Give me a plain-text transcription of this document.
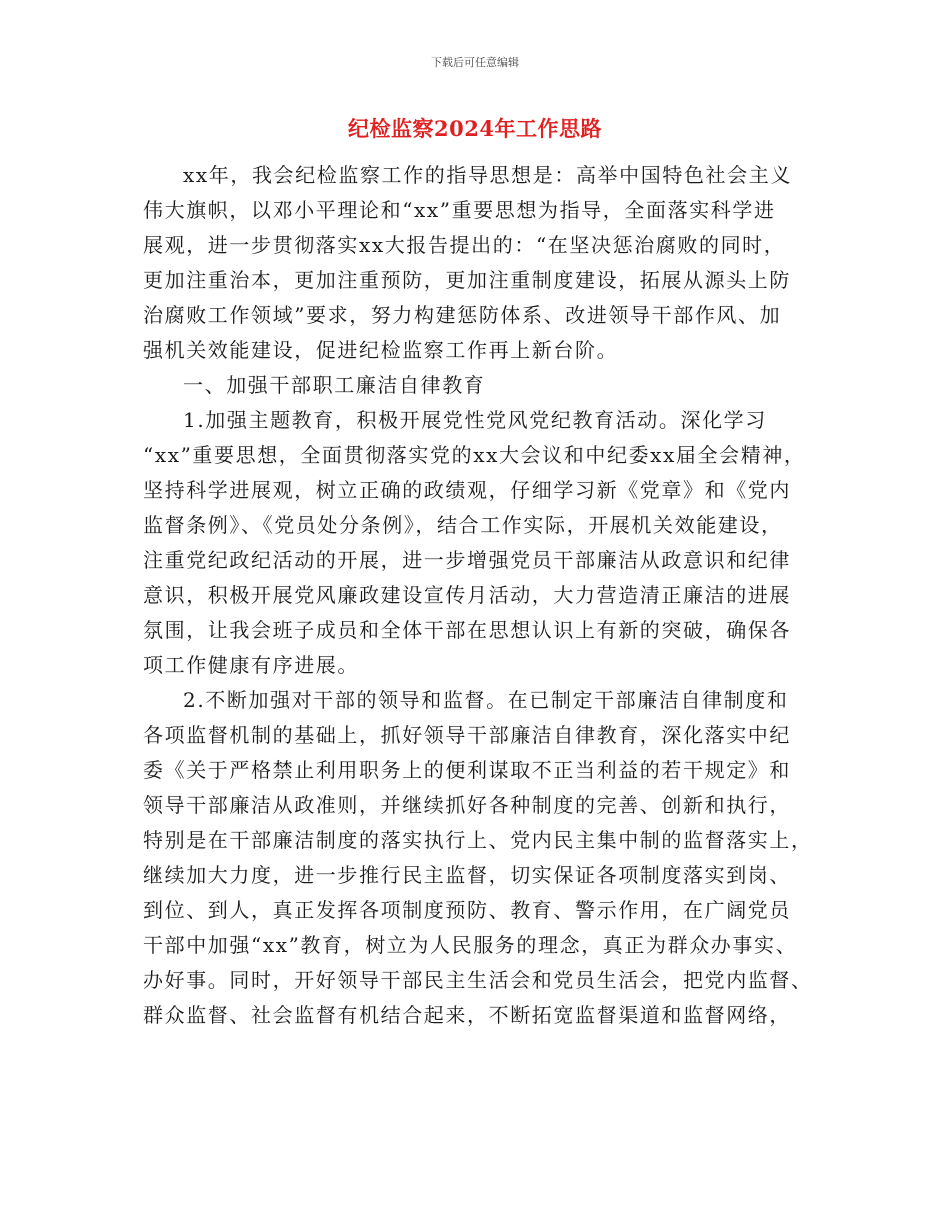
下载后可任意编辑
纪检监察2024年工作思路
xx年，我会纪检监察工作的指导思想是：高举中国特色社会主义
伟大旗帜，以邓小平理论和“xx”重要思想为指导，全面落实科学进
展观，进一步贯彻落实xx大报告提出的：“在坚决惩治腐败的同时，
更加注重治本，更加注重预防，更加注重制度建设，拓展从源头上防
治腐败工作领域”要求，努力构建惩防体系、改进领导干部作风、加
强机关效能建设，促进纪检监察工作再上新台阶。
一、加强干部职工廉洁自律教育
1.加强主题教育，积极开展党性党风党纪教育活动。深化学习
“xx”重要思想，全面贯彻落实党的xx大会议和中纪委xx届全会精神，
坚持科学进展观，树立正确的政绩观，仔细学习新《党章》和《党内
监督条例》、《党员处分条例》，结合工作实际，开展机关效能建设，
注重党纪政纪活动的开展，进一步增强党员干部廉洁从政意识和纪律
意识，积极开展党风廉政建设宣传月活动，大力营造清正廉洁的进展
氛围，让我会班子成员和全体干部在思想认识上有新的突破，确保各
项工作健康有序进展。
2.不断加强对干部的领导和监督。在已制定干部廉洁自律制度和
各项监督机制的基础上，抓好领导干部廉洁自律教育，深化落实中纪
委《关于严格禁止利用职务上的便利谋取不正当利益的若干规定》和
领导干部廉洁从政准则，并继续抓好各种制度的完善、创新和执行，
特别是在干部廉洁制度的落实执行上、党内民主集中制的监督落实上，
继续加大力度，进一步推行民主监督，切实保证各项制度落实到岗、
到位、到人，真正发挥各项制度预防、教育、警示作用，在广阔党员
干部中加强“xx”教育，树立为人民服务的理念，真正为群众办事实、
办好事。同时，开好领导干部民主生活会和党员生活会，把党内监督、
群众监督、社会监督有机结合起来，不断拓宽监督渠道和监督网络，
